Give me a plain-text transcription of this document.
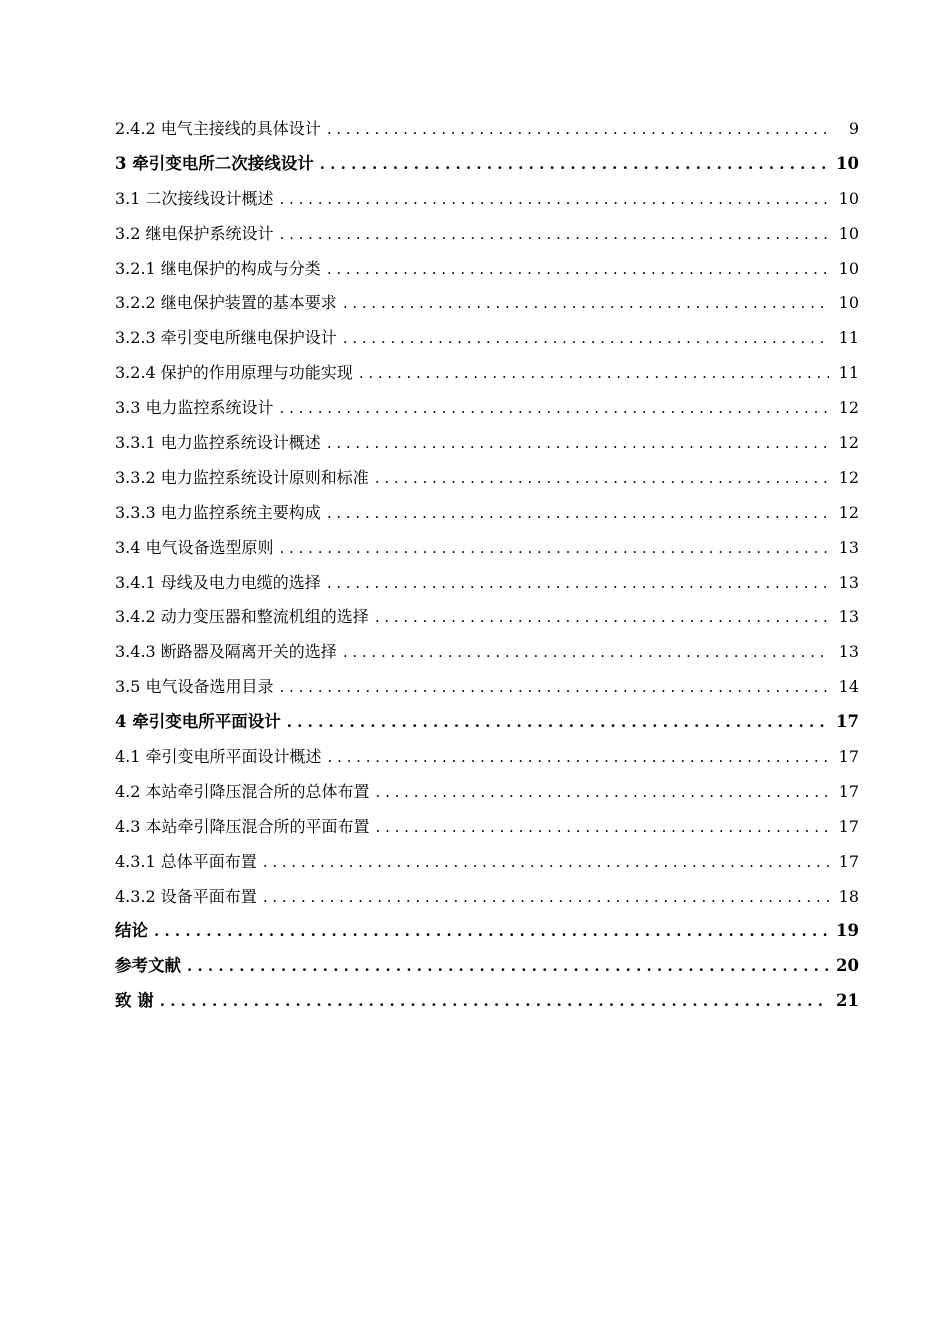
2.4.2 电气主接线的具体设计 . . .	9
3 牵引变电所二次接线设计 . . .	10
3.1 二次接线设计概述 . . .	10
3.2 继电保护系统设计 . . .	10
3.2.1 继电保护的构成与分类 . . .	10
3.2.2 继电保护装置的基本要求 . . .	10
3.2.3 牵引变电所继电保护设计 . . .	11
3.2.4 保护的作用原理与功能实现 . . .	11
3.3 电力监控系统设计 . . .	12
3.3.1 电力监控系统设计概述 . . .	12
3.3.2 电力监控系统设计原则和标准 . . .	12
3.3.3 电力监控系统主要构成 . . .	12
3.4 电气设备选型原则 . . .	13
3.4.1 母线及电力电缆的选择 . . .	13
3.4.2 动力变压器和整流机组的选择 . . .	13
3.4.3 断路器及隔离开关的选择 . . .	13
3.5 电气设备选用目录 . . .	14
4 牵引变电所平面设计 . . .	17
4.1 牵引变电所平面设计概述 . . .	17
4.2 本站牵引降压混合所的总体布置 . . .	17
4.3 本站牵引降压混合所的平面布置 . . .	17
4.3.1 总体平面布置 . . .	17
4.3.2 设备平面布置 . . .	18
结论 . . .	19
参考文献 . . .	20
致 谢 . . .	21
